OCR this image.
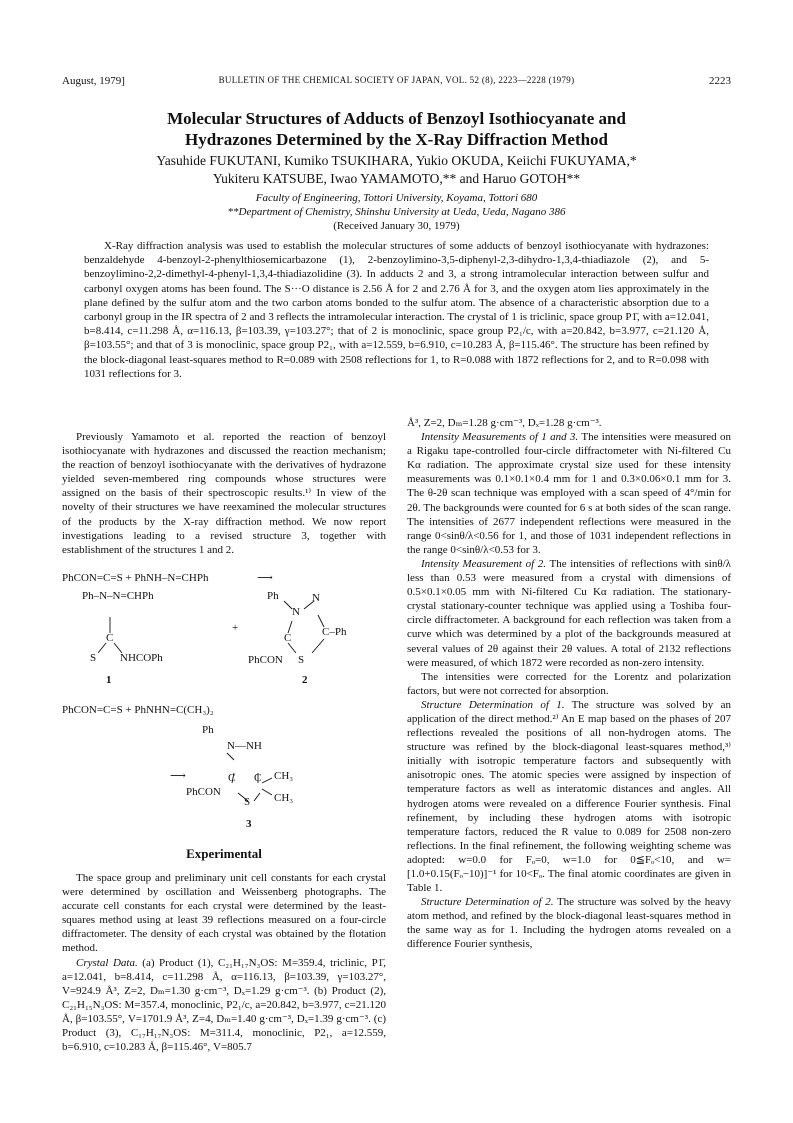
August, 1979]	BULLETIN OF THE CHEMICAL SOCIETY OF JAPAN, VOL. 52 (8), 2223—2228 (1979)	2223
Molecular Structures of Adducts of Benzoyl Isothiocyanate and
Hydrazones Determined by the X-Ray Diffraction Method
Yasuhide FUKUTANI, Kumiko TSUKIHARA, Yukio OKUDA, Keiichi FUKUYAMA,*
Yukiteru KATSUBE, Iwao YAMAMOTO,** and Haruo GOTOH**
Faculty of Engineering, Tottori University, Koyama, Tottori 680
**Department of Chemistry, Shinshu University at Ueda, Ueda, Nagano 386
(Received January 30, 1979)

X-Ray diffraction analysis was used to establish the molecular structures of some adducts of benzoyl isothiocyanate with hydrazones: benzaldehyde 4-benzoyl-2-phenylthiosemicarbazone (1), 2-benzoylimino-3,5-diphenyl-2,3-dihydro-1,3,4-thiadiazole (2), and 5-benzoylimino-2,2-dimethyl-4-phenyl-1,3,4-thiadiazolidine (3). In adducts 2 and 3, a strong intramolecular interaction between sulfur and carbonyl oxygen atoms has been found. The S···O distance is 2.56 Å for 2 and 2.76 Å for 3, and the oxygen atom lies approximately in the plane defined by the sulfur atom and the two carbon atoms bonded to the sulfur atom. The absence of a characteristic absorption due to a carbonyl group in the IR spectra of 2 and 3 reflects the intramolecular interaction. The crystal of 1 is triclinic, space group P1̄, with a=12.041, b=8.414, c=11.298 Å, α=116.13, β=103.39, γ=103.27°; that of 2 is monoclinic, space group P2₁/c, with a=20.842, b=3.977, c=21.120 Å, β=103.55°; and that of 3 is monoclinic, space group P2₁, with a=12.559, b=6.910, c=10.283 Å, β=115.46°. The structure has been refined by the block-diagonal least-squares method to R=0.089 with 2508 reflections for 1, to R=0.088 with 1872 reflections for 2, and to R=0.098 with 1031 reflections for 3.

Previously Yamamoto et al. reported the reaction of benzoyl isothiocyanate with hydrazones and discussed the reaction mechanism; the reaction of benzoyl isothiocyanate with the derivatives of hydrazone yielded seven-membered ring compounds whose structures were assigned on the basis of their spectroscopic results.¹⁾ In view of the novelty of their structures we have reexamined the molecular structures of the products by the X-ray diffraction method. We now report investigations leading to a revised structure 3, together with establishment of the structures 1 and 2.

PhCON=C=S + PhNH–N=CHPh	⟶
Ph–N–N=CHPh
C
S NHCOPh
+
Ph
N
N
C	C–Ph
S
PhCON
1	2
PhCON=C=S + PhNHN=C(CH₃)₂
Ph
N—NH
⟶	C C CH₃
CH₃
S
PhCON
3

Experimental

The space group and preliminary unit cell constants for each crystal were determined by oscillation and Weissenberg photographs. The accurate cell constants for each crystal were determined by the least-squares method using at least 39 reflections measured on a four-circle diffractometer. The density of each crystal was obtained by the flotation method.

Crystal Data. (a) Product (1), C₂₁H₁₇N₃OS: M=359.4, triclinic, P1̄, a=12.041, b=8.414, c=11.298 Å, α=116.13, β=103.39, γ=103.27°, V=924.9 Å³, Z=2, Dₘ=1.30 g·cm⁻³, Dₓ=1.29 g·cm⁻³. (b) Product (2), C₂₁H₁₅N₃OS: M=357.4, monoclinic, P2₁/c, a=20.842, b=3.977, c=21.120 Å, β=103.55°, V=1701.9 Å³, Z=4, Dₘ=1.40 g·cm⁻³, Dₓ=1.39 g·cm⁻³. (c) Product (3), C₁₇H₁₇N₃OS: M=311.4, monoclinic, P2₁, a=12.559, b=6.910, c=10.283 Å, β=115.46°, V=805.7

Å³, Z=2, Dₘ=1.28 g·cm⁻³, Dₓ=1.28 g·cm⁻³.

Intensity Measurements of 1 and 3. The intensities were measured on a Rigaku tape-controlled four-circle diffractometer with Ni-filtered Cu Kα radiation. The approximate crystal size used for these intensity measurements was 0.1×0.1×0.4 mm for 1 and 0.3×0.06×0.1 mm for 3. The θ-2θ scan technique was employed with a scan speed of 4°/min for 2θ. The backgrounds were counted for 6 s at both sides of the scan range. The intensities of 2677 independent reflections were measured in the range 0<sinθ/λ<0.56 for 1, and those of 1031 independent reflections in the range 0<sinθ/λ<0.53 for 3.

Intensity Measurement of 2. The intensities of reflections with sinθ/λ less than 0.53 were measured from a crystal with dimensions of 0.5×0.1×0.05 mm with Ni-filtered Cu Kα radiation. The stationary-crystal stationary-counter technique was applied using a Toshiba four-circle diffractometer. A background for each reflection was taken from a curve which was determined by a plot of the backgrounds measured at several values of 2θ against their 2θ values. A total of 2132 reflections were measured, of which 1872 were recorded as non-zero intensity.

The intensities were corrected for the Lorentz and polarization factors, but were not corrected for absorption.

Structure Determination of 1. The structure was solved by an application of the direct method.²⁾ An E map based on the phases of 207 reflections revealed the positions of all non-hydrogen atoms. The structure was refined by the block-diagonal least-squares method,³⁾ initially with isotropic temperature factors and subsequently with anisotropic ones. The atomic species were assigned by inspection of temperature factors as well as interatomic distances and angles. All hydrogen atoms were revealed on a difference Fourier synthesis. Final refinement, by including these hydrogen atoms with isotropic temperature factors, reduced the R value to 0.089 for 2508 non-zero reflections. In the final refinement, the following weighting scheme was adopted: w=0.0 for Fₒ=0, w=1.0 for 0≦Fₒ<10, and w=[1.0+0.15(Fₒ−10)]⁻¹ for 10<Fₒ. The final atomic coordinates are given in Table 1.

Structure Determination of 2. The structure was solved by the heavy atom method, and refined by the block-diagonal least-squares method in the same way as for 1. Including the hydrogen atoms revealed on a difference Fourier synthesis,
